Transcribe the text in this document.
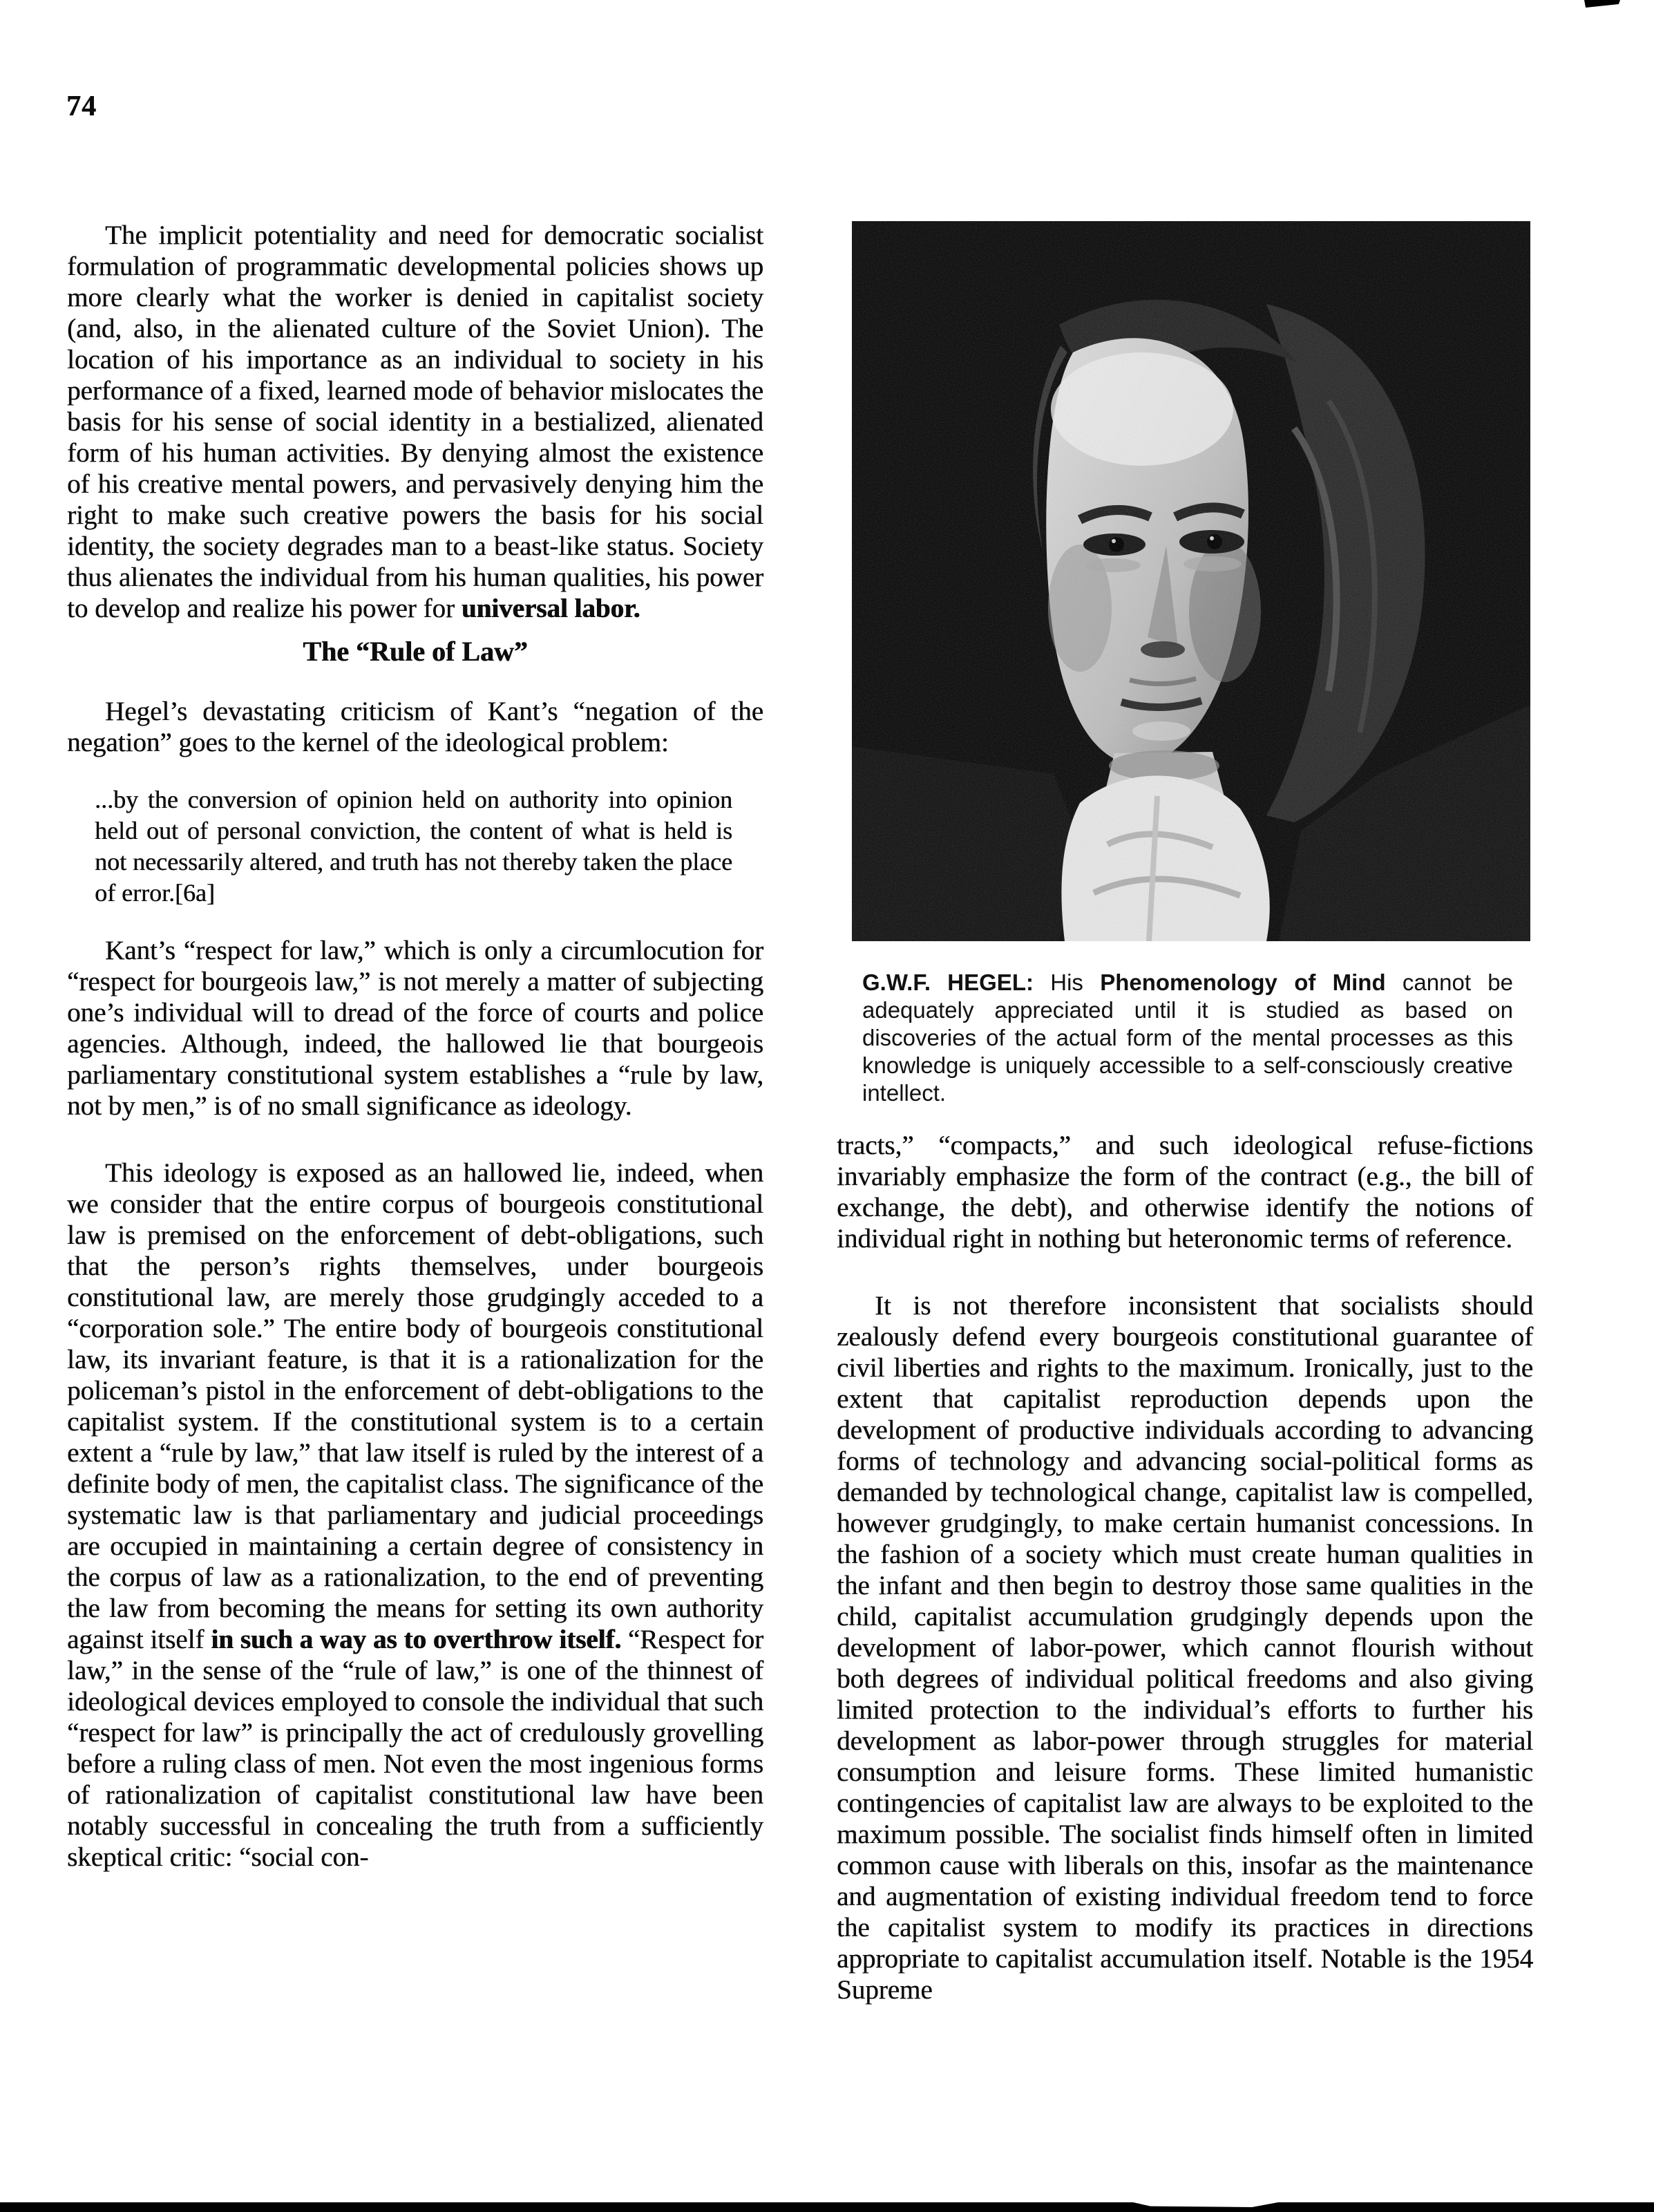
74

The implicit potentiality and need for democratic socialist formulation of programmatic developmental policies shows up more clearly what the worker is denied in capitalist society (and, also, in the alienated culture of the Soviet Union). The location of his importance as an individual to society in his performance of a fixed, learned mode of behavior mislocates the basis for his sense of social identity in a bestialized, alienated form of his human activities. By denying almost the existence of his creative mental powers, and pervasively denying him the right to make such creative powers the basis for his social identity, the society degrades man to a beast-like status. Society thus alienates the individual from his human qualities, his power to develop and realize his power for universal labor.

The “Rule of Law”

Hegel’s devastating criticism of Kant’s “negation of the negation” goes to the kernel of the ideological problem:

...by the conversion of opinion held on authority into opinion held out of personal conviction, the content of what is held is not necessarily altered, and truth has not thereby taken the place of error.[6a]

Kant’s “respect for law,” which is only a circumlocution for “respect for bourgeois law,” is not merely a matter of subjecting one’s individual will to dread of the force of courts and police agencies. Although, indeed, the hallowed lie that bourgeois parliamentary constitutional system establishes a “rule by law, not by men,” is of no small significance as ideology.

This ideology is exposed as an hallowed lie, indeed, when we consider that the entire corpus of bourgeois constitutional law is premised on the enforcement of debt-obligations, such that the person’s rights themselves, under bourgeois constitutional law, are merely those grudgingly acceded to a “corporation sole.” The entire body of bourgeois constitutional law, its invariant feature, is that it is a rationalization for the policeman’s pistol in the enforcement of debt-obligations to the capitalist system. If the constitutional system is to a certain extent a “rule by law,” that law itself is ruled by the interest of a definite body of men, the capitalist class. The significance of the systematic law is that parliamentary and judicial proceedings are occupied in maintaining a certain degree of consistency in the corpus of law as a rationalization, to the end of preventing the law from becoming the means for setting its own authority against itself in such a way as to overthrow itself. “Respect for law,” in the sense of the “rule of law,” is one of the thinnest of ideological devices employed to console the individual that such “respect for law” is principally the act of credulously grovelling before a ruling class of men. Not even the most ingenious forms of rationalization of capitalist constitutional law have been notably successful in concealing the truth from a sufficiently skeptical critic: “social con-

G.W.F. HEGEL: His Phenomenology of Mind cannot be adequately appreciated until it is studied as based on discoveries of the actual form of the mental processes as this knowledge is uniquely accessible to a self-consciously creative intellect.

tracts,” “compacts,” and such ideological refuse-fictions invariably emphasize the form of the contract (e.g., the bill of exchange, the debt), and otherwise identify the notions of individual right in nothing but heteronomic terms of reference.

It is not therefore inconsistent that socialists should zealously defend every bourgeois constitutional guarantee of civil liberties and rights to the maximum. Ironically, just to the extent that capitalist reproduction depends upon the development of productive individuals according to advancing forms of technology and advancing social-political forms as demanded by technological change, capitalist law is compelled, however grudgingly, to make certain humanist concessions. In the fashion of a society which must create human qualities in the infant and then begin to destroy those same qualities in the child, capitalist accumulation grudgingly depends upon the development of labor-power, which cannot flourish without both degrees of individual political freedoms and also giving limited protection to the individual’s efforts to further his development as labor-power through struggles for material consumption and leisure forms. These limited humanistic contingencies of capitalist law are always to be exploited to the maximum possible. The socialist finds himself often in limited common cause with liberals on this, insofar as the maintenance and augmentation of existing individual freedom tend to force the capitalist system to modify its practices in directions appropriate to capitalist accumulation itself. Notable is the 1954 Supreme
